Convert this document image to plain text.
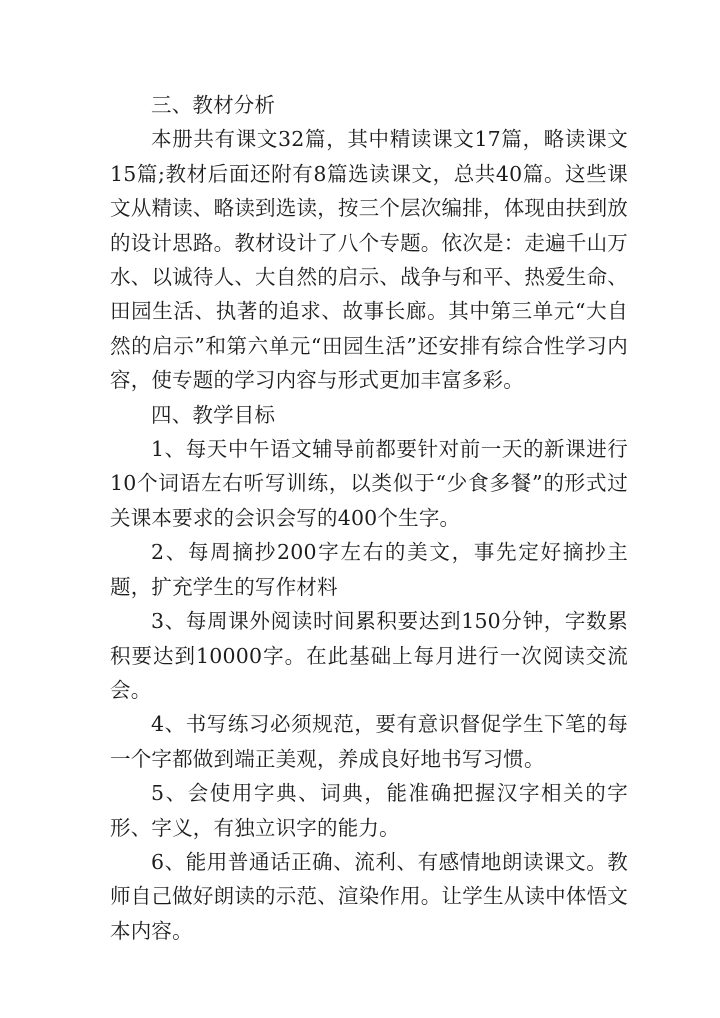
三、教材分析

本册共有课文32篇，其中精读课文17篇，略读课文15篇;教材后面还附有8篇选读课文，总共40篇。这些课文从精读、略读到选读，按三个层次编排，体现由扶到放的设计思路。教材设计了八个专题。依次是：走遍千山万水、以诚待人、大自然的启示、战争与和平、热爱生命、田园生活、执著的追求、故事长廊。其中第三单元“大自然的启示”和第六单元“田园生活”还安排有综合性学习内容，使专题的学习内容与形式更加丰富多彩。

四、教学目标

1、每天中午语文辅导前都要针对前一天的新课进行10个词语左右听写训练，以类似于“少食多餐”的形式过关课本要求的会识会写的400个生字。

2、每周摘抄200字左右的美文，事先定好摘抄主题，扩充学生的写作材料

3、每周课外阅读时间累积要达到150分钟，字数累积要达到10000字。在此基础上每月进行一次阅读交流会。

4、书写练习必须规范，要有意识督促学生下笔的每一个字都做到端正美观，养成良好地书写习惯。

5、会使用字典、词典，能准确把握汉字相关的字形、字义，有独立识字的能力。

6、能用普通话正确、流利、有感情地朗读课文。教师自己做好朗读的示范、渲染作用。让学生从读中体悟文本内容。
